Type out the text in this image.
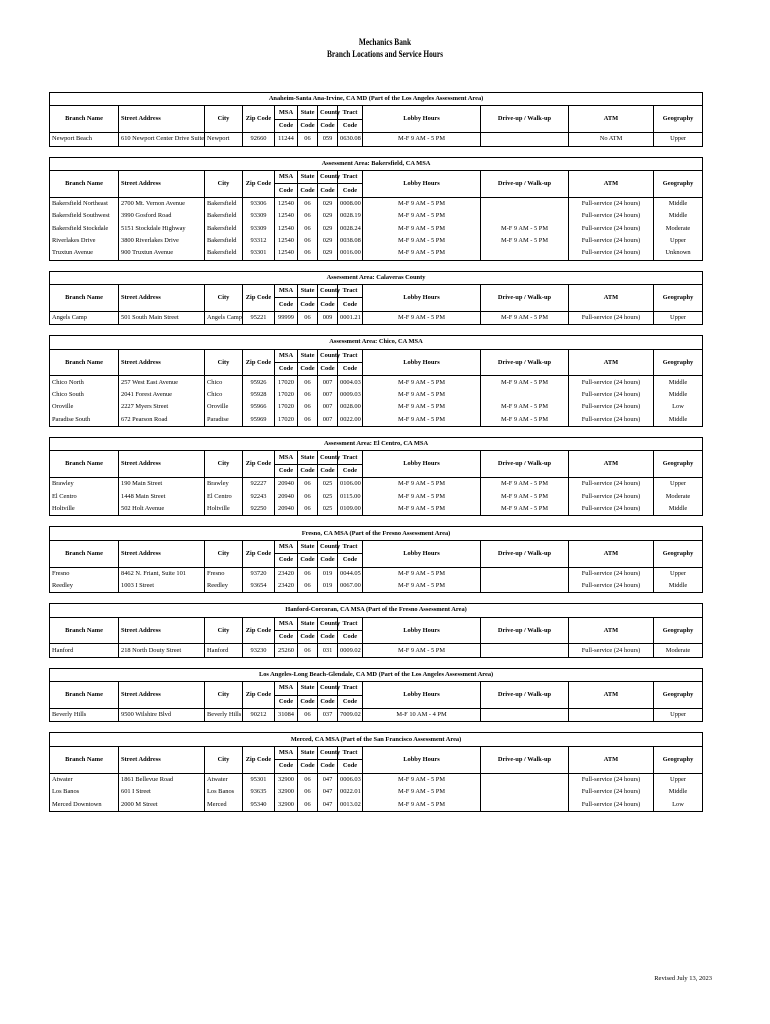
Mechanics Bank
Branch Locations and Service Hours
Anaheim-Santa Ana-Irvine, CA MD (Part of the Los Angeles Assessment Area)											
Branch Name	Street Address	City	Zip Code	MSA	State	County	Tract	Lobby Hours	Drive-up / Walk-up	ATM	Geography
				Code	Code	Code	Code				
Newport Beach	610 Newport Center Drive Suite	Newport	92660	11244	06	059	0630.08	M-F 9 AM - 5 PM		No ATM	Upper
Assessment Area: Bakersfield, CA MSA											
Branch Name	Street Address	City	Zip Code	MSA	State	County	Tract	Lobby Hours	Drive-up / Walk-up	ATM	Geography
				Code	Code	Code	Code				
Bakersfield Northeast	2700 Mt. Vernon Avenue	Bakersfield	93306	12540	06	029	0008.00	M-F 9 AM - 5 PM		Full-service (24 hours)	Middle
Bakersfield Southwest	3990 Gosford Road	Bakersfield	93309	12540	06	029	0028.19	M-F 9 AM - 5 PM		Full-service (24 hours)	Middle
Bakersfield Stockdale	5151 Stockdale Highway	Bakersfield	93309	12540	06	029	0028.24	M-F 9 AM - 5 PM	M-F 9 AM - 5 PM	Full-service (24 hours)	Moderate
Riverlakes Drive	3800 Riverlakes Drive	Bakersfield	93312	12540	06	029	0038.08	M-F 9 AM - 5 PM	M-F 9 AM - 5 PM	Full-service (24 hours)	Upper
Truxtun Avenue	900 Truxtun Avenue	Bakersfield	93301	12540	06	029	0016.00	M-F 9 AM - 5 PM		Full-service (24 hours)	Unknown
Assessment Area: Calaveras County											
Branch Name	Street Address	City	Zip Code	MSA	State	County	Tract	Lobby Hours	Drive-up / Walk-up	ATM	Geography
				Code	Code	Code	Code				
Angels Camp	501 South Main Street	Angels Camp	95221	99999	06	009	0001.21	M-F 9 AM - 5 PM	M-F 9 AM - 5 PM	Full-service (24 hours)	Upper
Assessment Area: Chico, CA MSA											
Branch Name	Street Address	City	Zip Code	MSA	State	County	Tract	Lobby Hours	Drive-up / Walk-up	ATM	Geography
				Code	Code	Code	Code				
Chico North	257 West East Avenue	Chico	95926	17020	06	007	0004.03	M-F 9 AM - 5 PM	M-F 9 AM - 5 PM	Full-service (24 hours)	Middle
Chico South	2041 Forest Avenue	Chico	95928	17020	06	007	0009.03	M-F 9 AM - 5 PM		Full-service (24 hours)	Middle
Oroville	2227 Myers Street	Oroville	95966	17020	06	007	0028.00	M-F 9 AM - 5 PM	M-F 9 AM - 5 PM	Full-service (24 hours)	Low
Paradise South	672 Pearson Road	Paradise	95969	17020	06	007	0022.00	M-F 9 AM - 5 PM	M-F 9 AM - 5 PM	Full-service (24 hours)	Middle
Assessment Area: El Centro, CA MSA											
Branch Name	Street Address	City	Zip Code	MSA	State	County	Tract	Lobby Hours	Drive-up / Walk-up	ATM	Geography
				Code	Code	Code	Code				
Brawley	190 Main Street	Brawley	92227	20940	06	025	0106.00	M-F 9 AM - 5 PM	M-F 9 AM - 5 PM	Full-service (24 hours)	Upper
El Centro	1448 Main Street	El Centro	92243	20940	06	025	0115.00	M-F 9 AM - 5 PM	M-F 9 AM - 5 PM	Full-service (24 hours)	Moderate
Holtville	502 Holt Avenue	Holtville	92250	20940	06	025	0109.00	M-F 9 AM - 5 PM	M-F 9 AM - 5 PM	Full-service (24 hours)	Middle
Fresno, CA MSA (Part of the Fresno Assessment Area)											
Branch Name	Street Address	City	Zip Code	MSA	State	County	Tract	Lobby Hours	Drive-up / Walk-up	ATM	Geography
				Code	Code	Code	Code				
Fresno	8462 N. Friant, Suite 101	Fresno	93720	23420	06	019	0044.05	M-F 9 AM - 5 PM		Full-service (24 hours)	Upper
Reedley	1003 I Street	Reedley	93654	23420	06	019	0067.00	M-F 9 AM - 5 PM		Full-service (24 hours)	Middle
Hanford-Corcoran, CA MSA (Part of the Fresno Assessment Area)											
Branch Name	Street Address	City	Zip Code	MSA	State	County	Tract	Lobby Hours	Drive-up / Walk-up	ATM	Geography
				Code	Code	Code	Code				
Hanford	218 North Douty Street	Hanford	93230	25260	06	031	0009.02	M-F 9 AM - 5 PM		Full-service (24 hours)	Moderate
Los Angeles-Long Beach-Glendale, CA MD (Part of the Los Angeles Assessment Area)											
Branch Name	Street Address	City	Zip Code	MSA	State	County	Tract	Lobby Hours	Drive-up / Walk-up	ATM	Geography
				Code	Code	Code	Code				
Beverly Hills	9500 Wilshire Blvd	Beverly Hills	90212	31084	06	037	7009.02	M-F 10 AM - 4 PM			Upper
Merced, CA MSA (Part of the San Francisco Assessment Area)											
Branch Name	Street Address	City	Zip Code	MSA	State	County	Tract	Lobby Hours	Drive-up / Walk-up	ATM	Geography
				Code	Code	Code	Code				
Atwater	1861 Bellevue Road	Atwater	95301	32900	06	047	0006.03	M-F 9 AM - 5 PM		Full-service (24 hours)	Upper
Los Banos	601 I Street	Los Banos	93635	32900	06	047	0022.01	M-F 9 AM - 5 PM		Full-service (24 hours)	Middle
Merced Downtown	2000 M Street	Merced	95340	32900	06	047	0013.02	M-F 9 AM - 5 PM		Full-service (24 hours)	Low
Revised July 13, 2023
